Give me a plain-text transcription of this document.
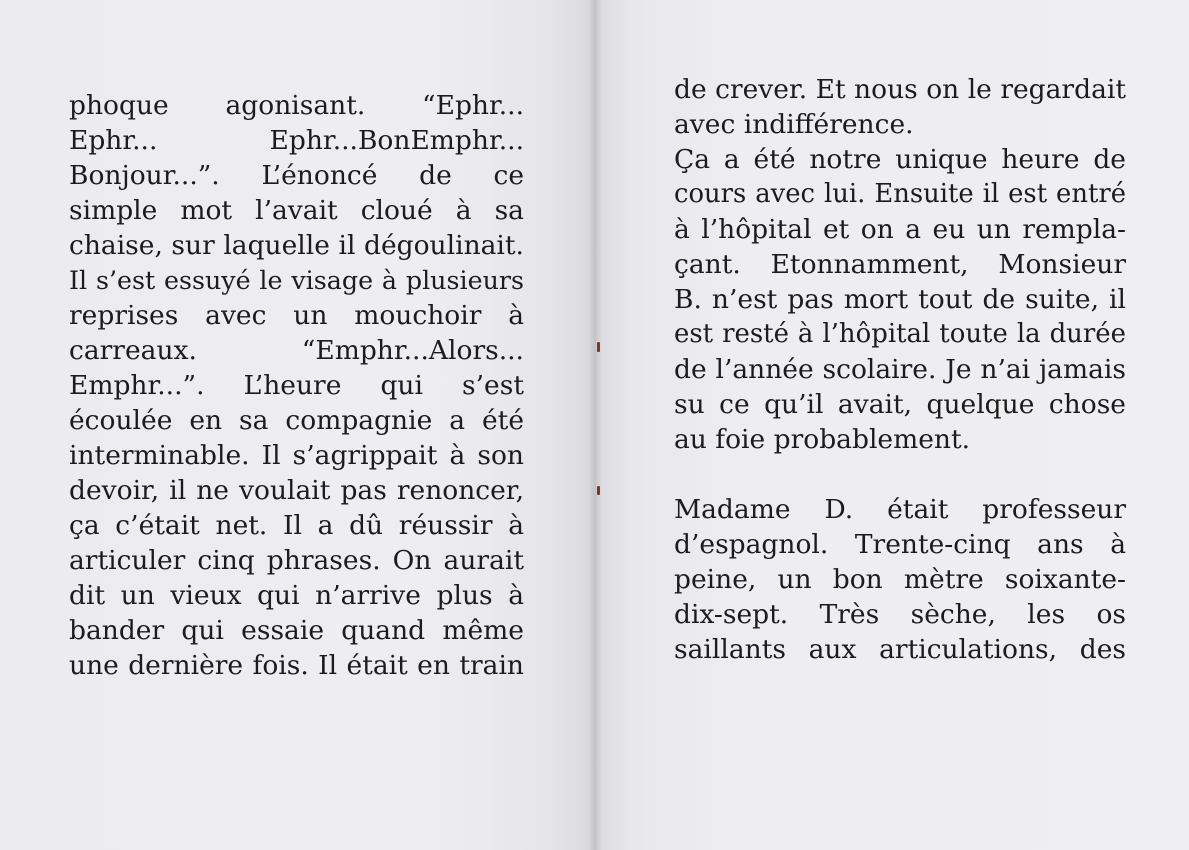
phoque agonisant. “Ephr...
Ephr... Ephr...BonEmphr...
Bonjour...”. L’énoncé de ce
simple mot l’avait cloué à sa
chaise, sur laquelle il dégoulinait.
Il s’est essuyé le visage à plusieurs
reprises avec un mouchoir à
carreaux. “Emphr...Alors...
Emphr...”. L’heure qui s’est
écoulée en sa compagnie a été
interminable. Il s’agrippait à son
devoir, il ne voulait pas renoncer,
ça c’était net. Il a dû réussir à
articuler cinq phrases. On aurait
dit un vieux qui n’arrive plus à
bander qui essaie quand même
une dernière fois. Il était en train
de crever. Et nous on le regardait
avec indifférence.
Ça a été notre unique heure de
cours avec lui. Ensuite il est entré
à l’hôpital et on a eu un rempla-
çant. Etonnamment, Monsieur
B. n’est pas mort tout de suite, il
est resté à l’hôpital toute la durée
de l’année scolaire. Je n’ai jamais
su ce qu’il avait, quelque chose
au foie probablement.
Madame D. était professeur
d’espagnol. Trente-cinq ans à
peine, un bon mètre soixante-
dix-sept. Très sèche, les os
saillants aux articulations, des
